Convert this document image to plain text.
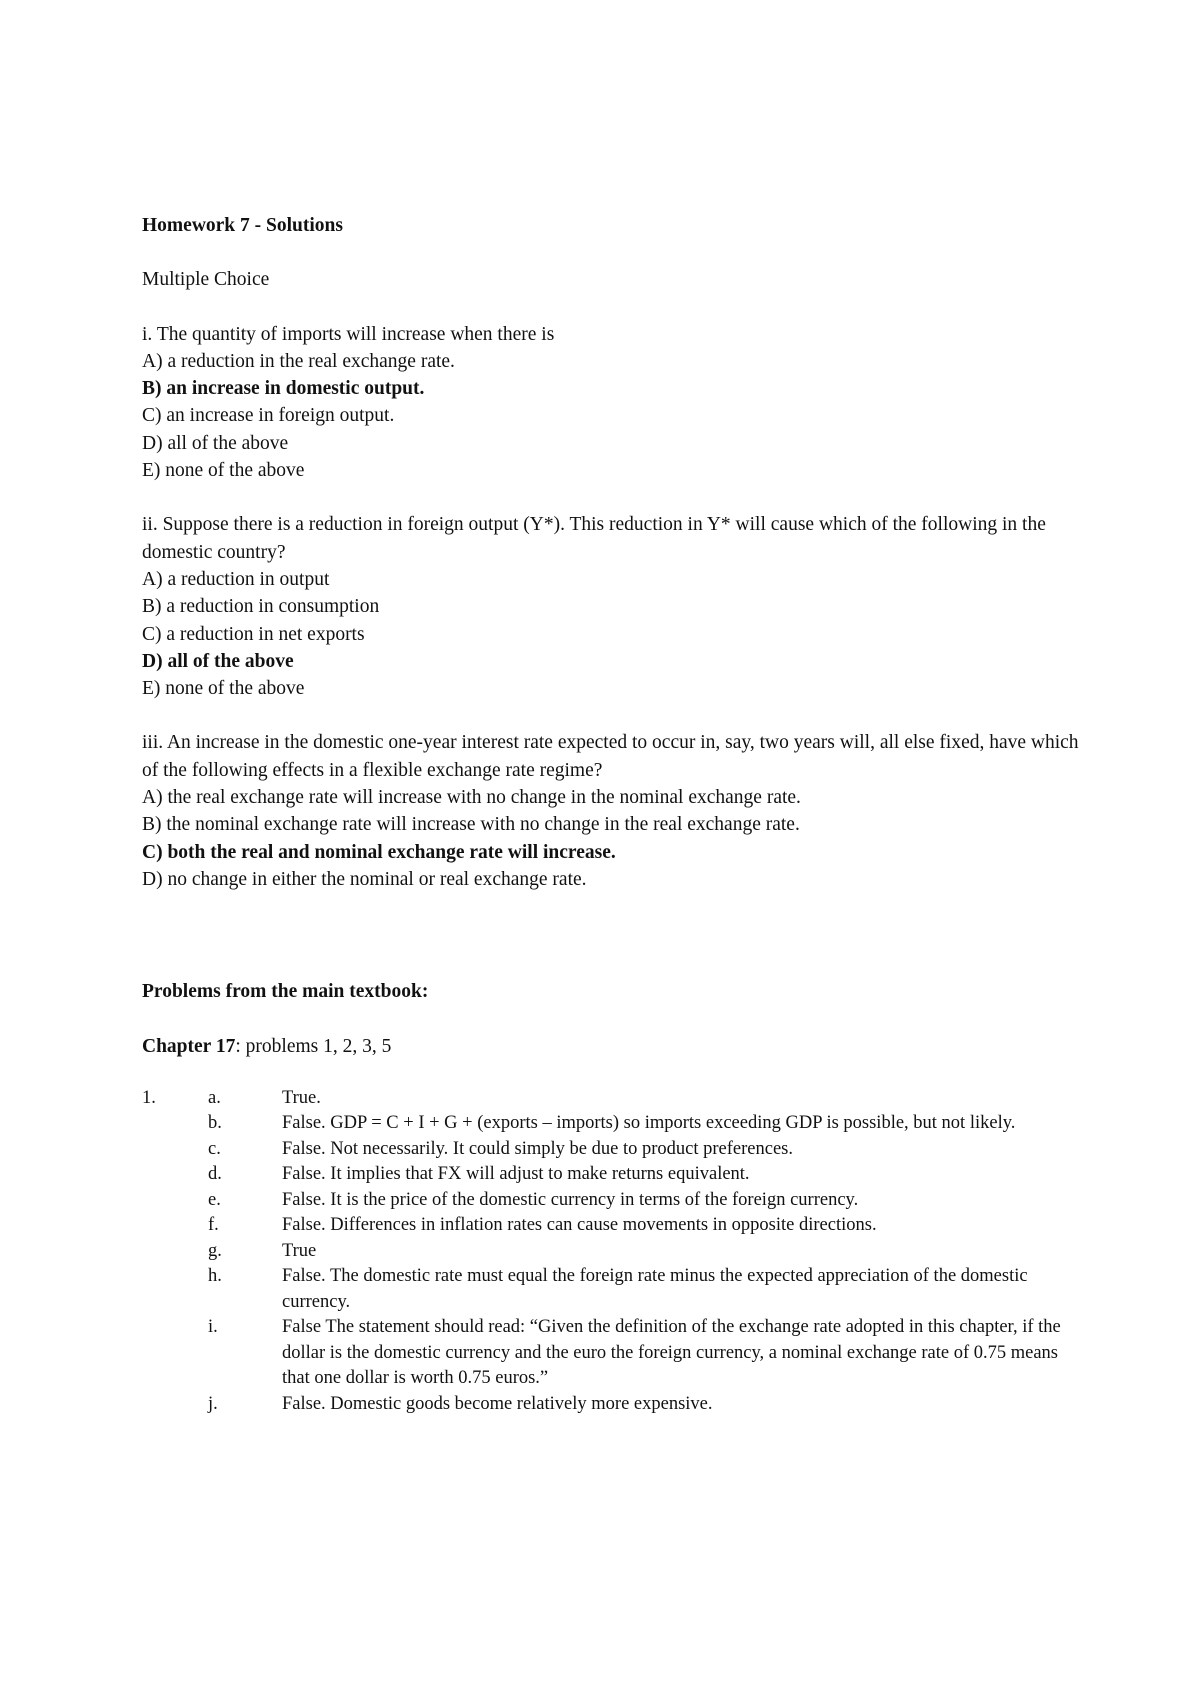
Homework 7 - Solutions
Multiple Choice
i. The quantity of imports will increase when there is
A) a reduction in the real exchange rate.
B) an increase in domestic output.
C) an increase in foreign output.
D) all of the above
E) none of the above
ii. Suppose there is a reduction in foreign output (Y*). This reduction in Y* will cause which of the following in the domestic country?
A) a reduction in output
B) a reduction in consumption
C) a reduction in net exports
D) all of the above
E) none of the above
iii. An increase in the domestic one-year interest rate expected to occur in, say, two years will, all else fixed, have which of the following effects in a flexible exchange rate regime?
A) the real exchange rate will increase with no change in the nominal exchange rate.
B) the nominal exchange rate will increase with no change in the real exchange rate.
C) both the real and nominal exchange rate will increase.
D) no change in either the nominal or real exchange rate.
Problems from the main textbook:
Chapter 17: problems 1, 2, 3, 5
1.	a.	True.
b.	False. GDP = C + I + G + (exports – imports) so imports exceeding GDP is possible, but not likely.
c.	False. Not necessarily. It could simply be due to product preferences.
d.	False. It implies that FX will adjust to make returns equivalent.
e.	False. It is the price of the domestic currency in terms of the foreign currency.
f.	False. Differences in inflation rates can cause movements in opposite directions.
g.	True
h.	False. The domestic rate must equal the foreign rate minus the expected appreciation of the domestic currency.
i.	False The statement should read: “Given the definition of the exchange rate adopted in this chapter, if the dollar is the domestic currency and the euro the foreign currency, a nominal exchange rate of 0.75 means that one dollar is worth 0.75 euros.”
j.	False. Domestic goods become relatively more expensive.
